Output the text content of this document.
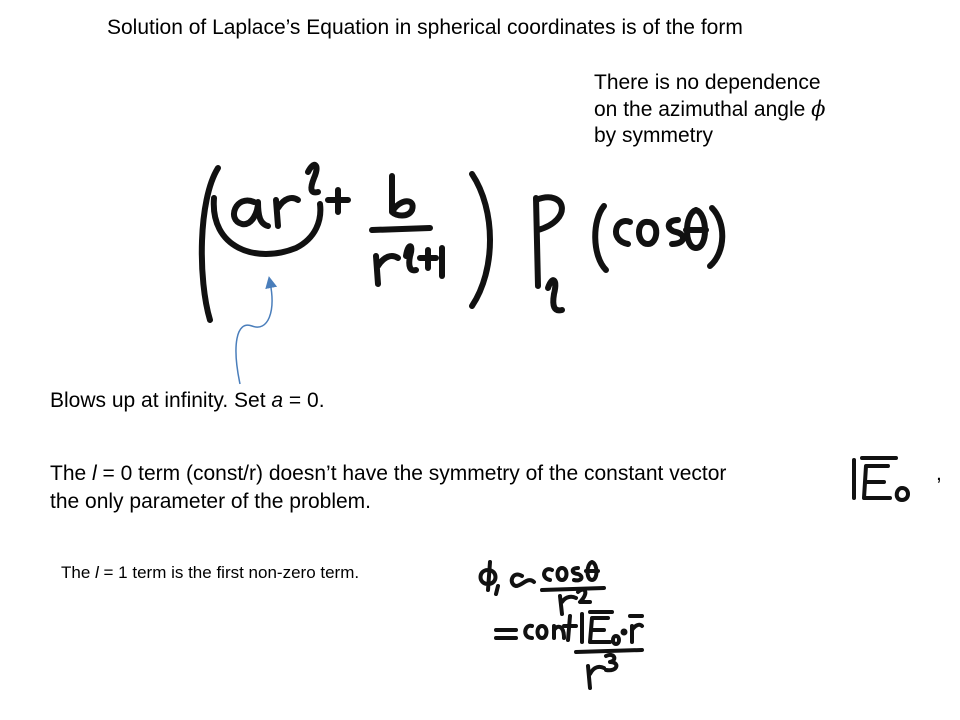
Solution of Laplace’s Equation in spherical coordinates is of the form
There is no dependence on the azimuthal angle ϕ by symmetry
Blows up at infinity. Set a = 0.
The l = 0 term (const/r) doesn’t have the symmetry of the constant vector	,
the only parameter of the problem.
The l = 1 term is the first non-zero term.
